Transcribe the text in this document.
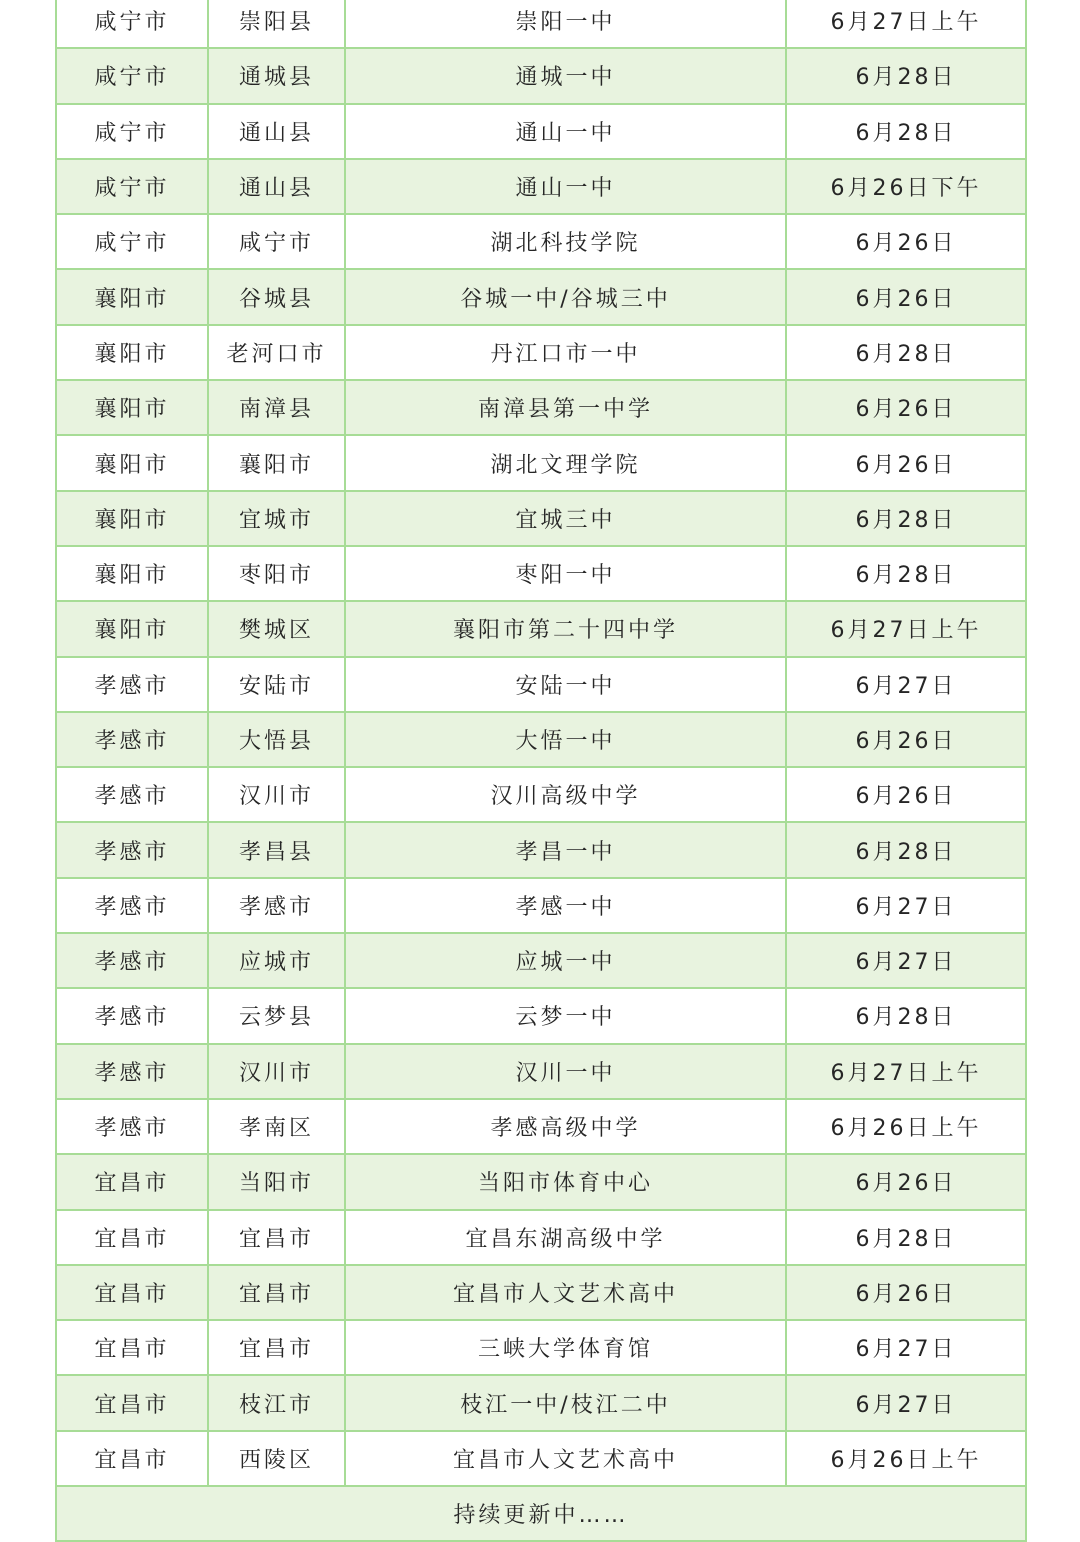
咸宁市	崇阳县	崇阳一中	6月27日上午
咸宁市	通城县	通城一中	6月28日
咸宁市	通山县	通山一中	6月28日
咸宁市	通山县	通山一中	6月26日下午
咸宁市	咸宁市	湖北科技学院	6月26日
襄阳市	谷城县	谷城一中/谷城三中	6月26日
襄阳市	老河口市	丹江口市一中	6月28日
襄阳市	南漳县	南漳县第一中学	6月26日
襄阳市	襄阳市	湖北文理学院	6月26日
襄阳市	宜城市	宜城三中	6月28日
襄阳市	枣阳市	枣阳一中	6月28日
襄阳市	樊城区	襄阳市第二十四中学	6月27日上午
孝感市	安陆市	安陆一中	6月27日
孝感市	大悟县	大悟一中	6月26日
孝感市	汉川市	汉川高级中学	6月26日
孝感市	孝昌县	孝昌一中	6月28日
孝感市	孝感市	孝感一中	6月27日
孝感市	应城市	应城一中	6月27日
孝感市	云梦县	云梦一中	6月28日
孝感市	汉川市	汉川一中	6月27日上午
孝感市	孝南区	孝感高级中学	6月26日上午
宜昌市	当阳市	当阳市体育中心	6月26日
宜昌市	宜昌市	宜昌东湖高级中学	6月28日
宜昌市	宜昌市	宜昌市人文艺术高中	6月26日
宜昌市	宜昌市	三峡大学体育馆	6月27日
宜昌市	枝江市	枝江一中/枝江二中	6月27日
宜昌市	西陵区	宜昌市人文艺术高中	6月26日上午
持续更新中……			
